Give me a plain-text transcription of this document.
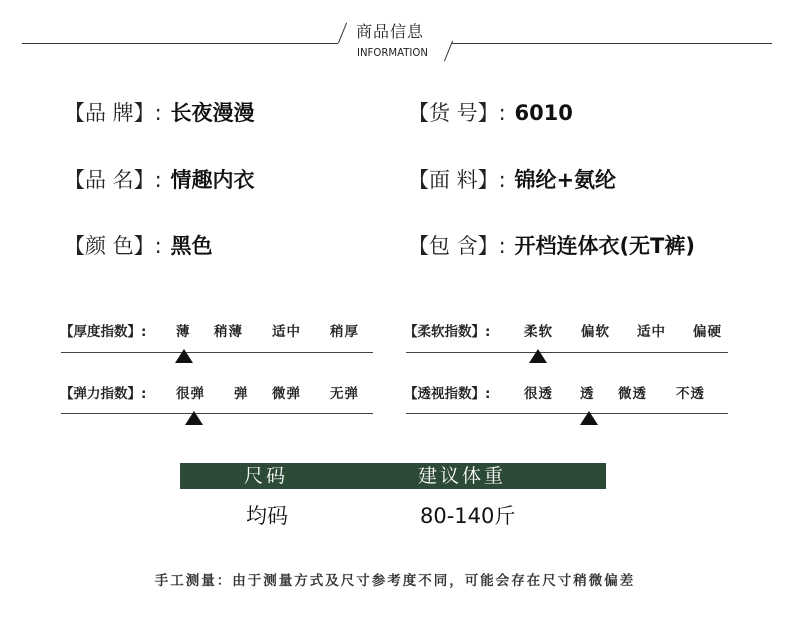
商品信息
INFORMATION
【品 牌】: 长夜漫漫	【货 号】: 6010
【品 名】: 情趣内衣	【面 料】: 锦纶+氨纶
【颜 色】: 黑色	【包 含】: 开档连体衣(无T裤)
【厚度指数】: 薄 稍薄 适中 稍厚	【柔软指数】: 柔软 偏软 适中 偏硬
【弹力指数】: 很弹 弹 微弹 无弹	【透视指数】: 很透 透 微透 不透
尺码	建议体重
均码	80-140斤
手工测量：由于测量方式及尺寸参考度不同，可能会存在尺寸稍微偏差
